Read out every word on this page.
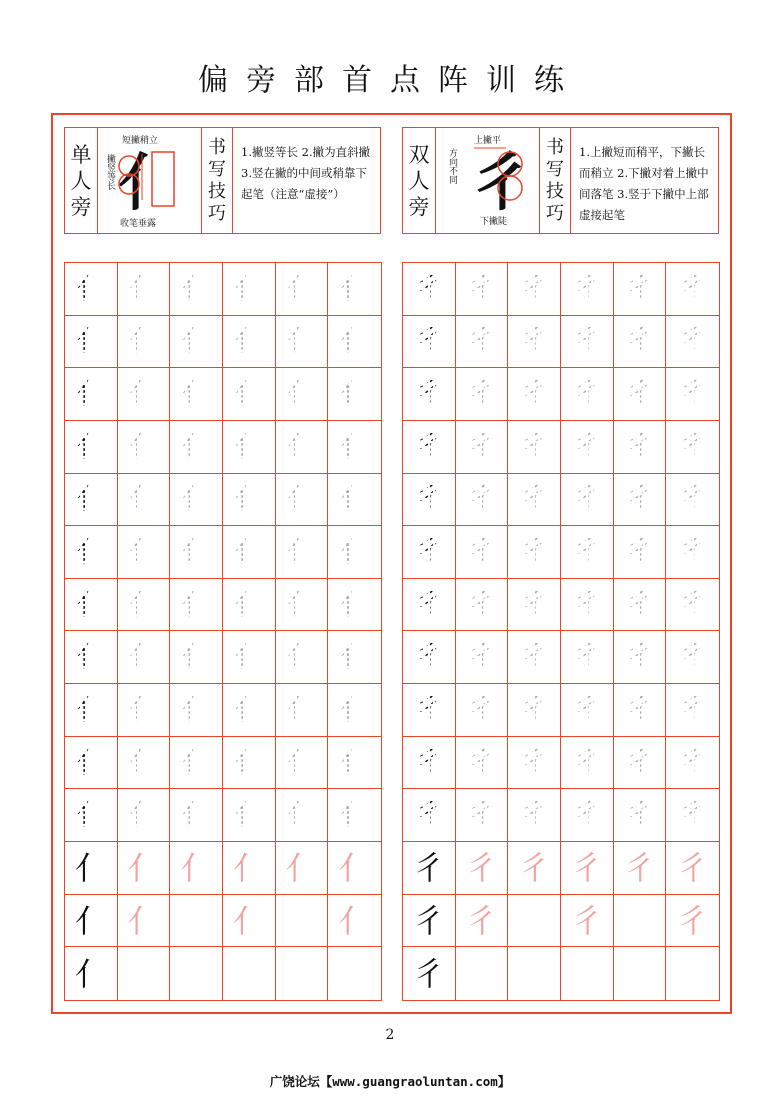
偏旁部首点阵训练
单人旁
短撇稍立
撇竖等长
收笔垂露
亻 书写技巧
1.撇竖等长 2.撇为直斜撇 3.竖在撇的中间或稍靠下起笔（注意“虚接”）
双人旁
上撇平
方向不同
下撇陡
彳 书写技巧
1.上撇短而稍平，下撇长而稍立 2.下撇对着上撇中间落笔 3.竖于下撇中上部虚接起笔
亻 亻 亻 亻 亻 亻
亻 亻 亻 亻 亻 亻
亻 亻 亻 亻 亻 亻
亻 亻 亻 亻 亻 亻
亻 亻 亻 亻 亻 亻
亻 亻 亻 亻 亻 亻
亻 亻 亻 亻 亻 亻
亻 亻 亻 亻 亻 亻
亻 亻 亻 亻 亻 亻
亻 亻 亻 亻 亻 亻
亻 亻 亻 亻 亻 亻
亻 亻 亻 亻 亻 亻
亻 亻 亻 亻
亻
彳 彳 彳 彳 彳 彳
彳 彳 彳 彳 彳 彳
彳 彳 彳 彳 彳 彳
彳 彳 彳 彳 彳 彳
彳 彳 彳 彳 彳 彳
彳 彳 彳 彳 彳 彳
彳 彳 彳 彳 彳 彳
彳 彳 彳 彳 彳 彳
彳 彳 彳 彳 彳 彳
彳 彳 彳 彳 彳 彳
彳 彳 彳 彳 彳 彳
彳 彳 彳 彳 彳 彳
彳 彳 彳 彳
彳
2
广饶论坛【www.guangraoluntan.com】
